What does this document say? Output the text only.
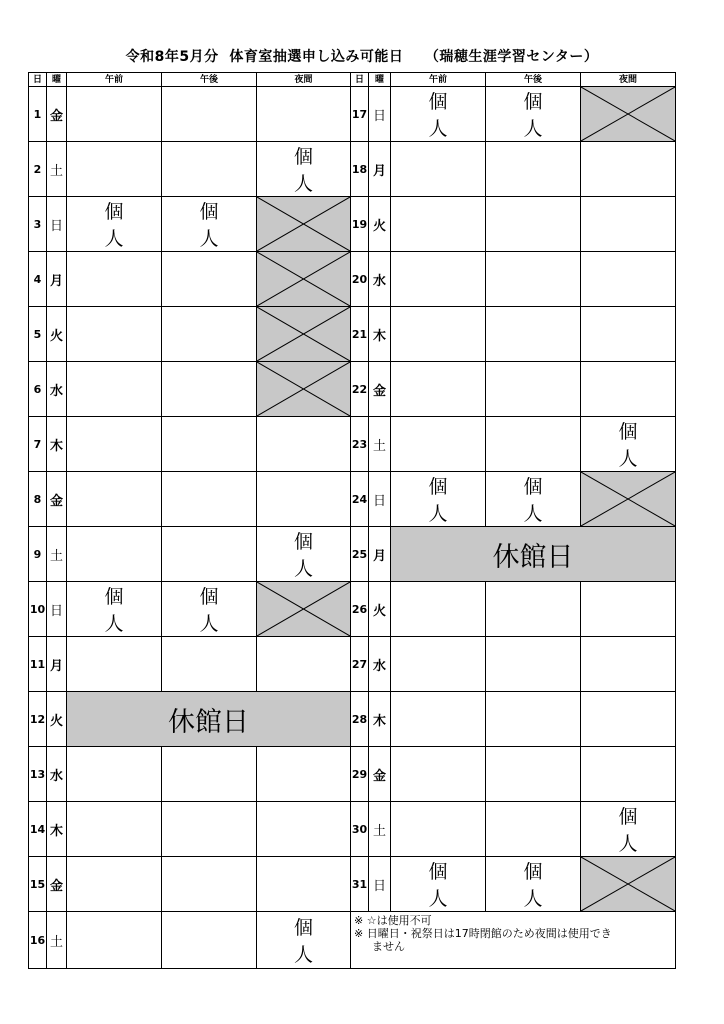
令和8年5月分  体育室抽選申し込み可能日    （瑞穂生涯学習センター）
日	曜	午前	午後	夜間	日	曜	午前	午後	夜間
1	金				17	日	個 人	個 人	

2	土			個 人	18	月			
3	日	個 人	個 人		19	火			
4	月				20	水			
5	火				21	木			
6	水				22	金			
7	木				23	土			個 人
8	金				24	日	個 人	個 人	

9	土			個 人	25	月	休館日		
10	日	個 人	個 人		26	火			
11	月				27	水			
12	火	休館日			28	木			
13	水				29	金			
14	木				30	土			個 人
15	金				31	日	個 人	個 人	

16	土			個 人	※ ☆は使用不可
※ 日曜日・祝祭日は17時閉館のため夜間は使用でき
ません				
